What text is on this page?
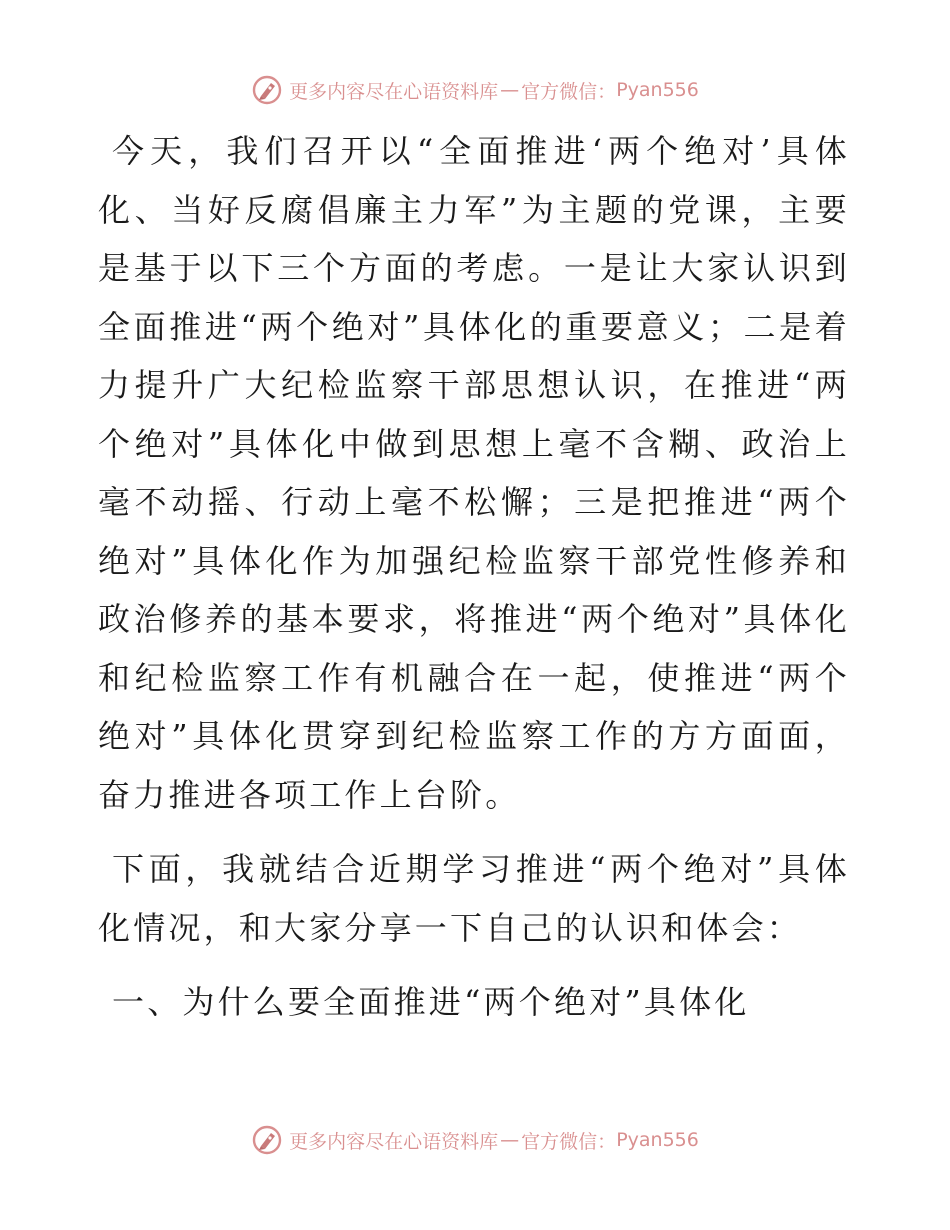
更多内容尽在心语资料库 — 官方微信： Pyan556

今天，我们召开以“全面推进‘两个绝对’具体化、当好反腐倡廉主力军”为主题的党课，主要是基于以下三个方面的考虑。一是让大家认识到全面推进“两个绝对”具体化的重要意义；二是着力提升广大纪检监察干部思想认识，在推进“两个绝对”具体化中做到思想上毫不含糊、政治上毫不动摇、行动上毫不松懈；三是把推进“两个绝对”具体化作为加强纪检监察干部党性修养和政治修养的基本要求，将推进“两个绝对”具体化和纪检监察工作有机融合在一起，使推进“两个绝对”具体化贯穿到纪检监察工作的方方面面，奋力推进各项工作上台阶。

下面，我就结合近期学习推进“两个绝对”具体化情况，和大家分享一下自己的认识和体会：

一、为什么要全面推进“两个绝对”具体化
更多内容尽在心语资料库 — 官方微信： Pyan556
